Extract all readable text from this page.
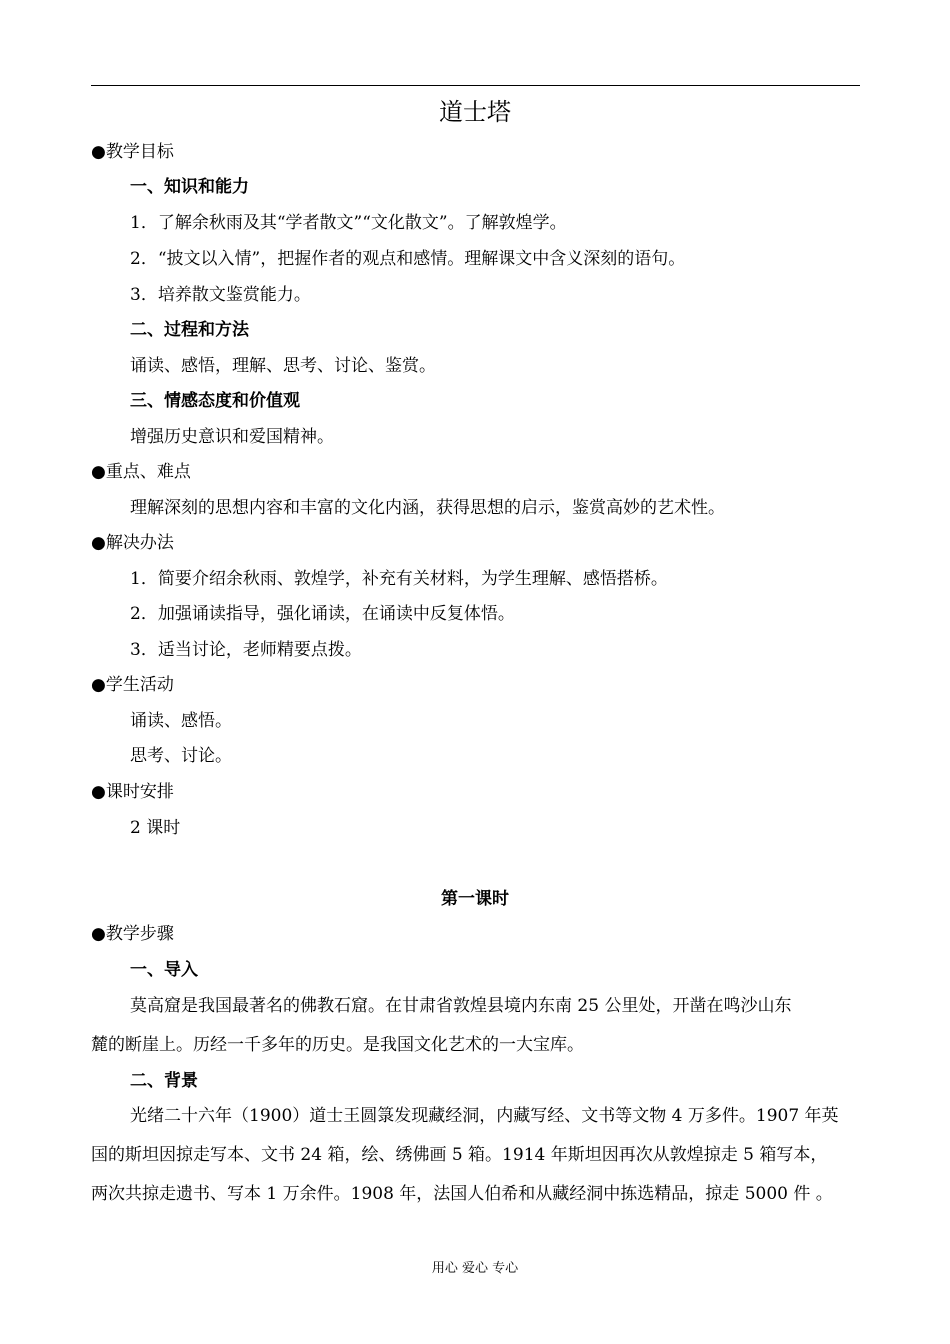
道士塔
●教学目标
一、知识和能力
1．了解余秋雨及其“学者散文”“文化散文”。了解敦煌学。
2．“披文以入情”，把握作者的观点和感情。理解课文中含义深刻的语句。
3．培养散文鉴赏能力。
二、过程和方法
诵读、感悟，理解、思考、讨论、鉴赏。
三、情感态度和价值观
增强历史意识和爱国精神。
●重点、难点
理解深刻的思想内容和丰富的文化内涵，获得思想的启示，鉴赏高妙的艺术性。
●解决办法
1．简要介绍余秋雨、敦煌学，补充有关材料，为学生理解、感悟搭桥。
2．加强诵读指导，强化诵读，在诵读中反复体悟。
3．适当讨论，老师精要点拨。
●学生活动
诵读、感悟。
思考、讨论。
●课时安排
2 课时
第一课时
●教学步骤
一、导入
莫高窟是我国最著名的佛教石窟。在甘肃省敦煌县境内东南 25 公里处，开凿在鸣沙山东
麓的断崖上。历经一千多年的历史。是我国文化艺术的一大宝库。
二、背景
光绪二十六年（1900）道士王圆箓发现藏经洞，内藏写经、文书等文物 4 万多件。1907 年英
国的斯坦因掠走写本、文书 24 箱，绘、绣佛画 5 箱。1914 年斯坦因再次从敦煌掠走 5 箱写本，
两次共掠走遗书、写本 1 万余件。1908 年，法国人伯希和从藏经洞中拣选精品，掠走 5000 件 。
用心 爱心 专心
